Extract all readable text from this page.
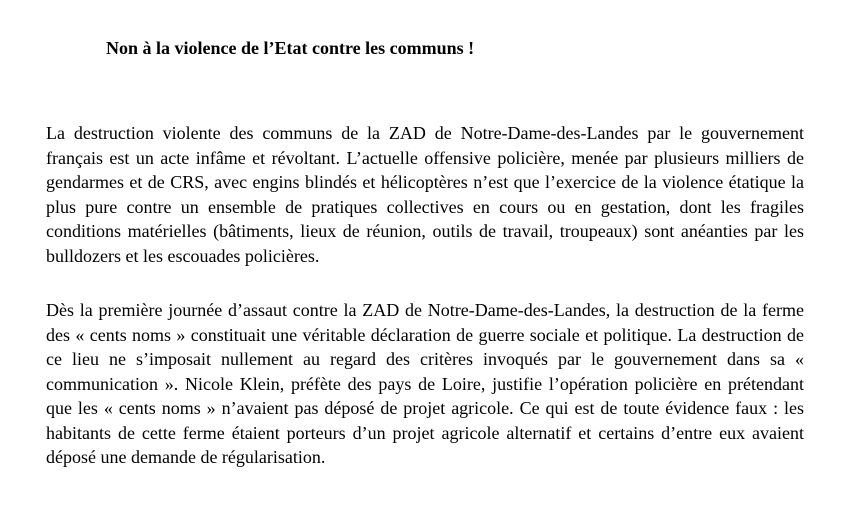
Non à la violence de l’Etat contre les communs !

La destruction violente des communs de la ZAD de Notre-Dame-des-Landes par le gouvernement français est un acte infâme et révoltant. L’actuelle offensive policière, menée par plusieurs milliers de gendarmes et de CRS, avec engins blindés et hélicoptères n’est que l’exercice de la violence étatique la plus pure contre un ensemble de pratiques collectives en cours ou en gestation, dont les fragiles conditions matérielles (bâtiments, lieux de réunion, outils de travail, troupeaux) sont anéanties par les bulldozers et les escouades policières.

Dès la première journée d’assaut contre la ZAD de Notre-Dame-des-Landes, la destruction de la ferme des « cents noms » constituait une véritable déclaration de guerre sociale et politique. La destruction de ce lieu ne s’imposait nullement au regard des critères invoqués par le gouvernement dans sa « communication ». Nicole Klein, préfète des pays de Loire, justifie l’opération policière en prétendant que les « cents noms » n’avaient pas déposé de projet agricole. Ce qui est de toute évidence faux : les habitants de cette ferme étaient porteurs d’un projet agricole alternatif et certains d’entre eux avaient déposé une demande de régularisation.
